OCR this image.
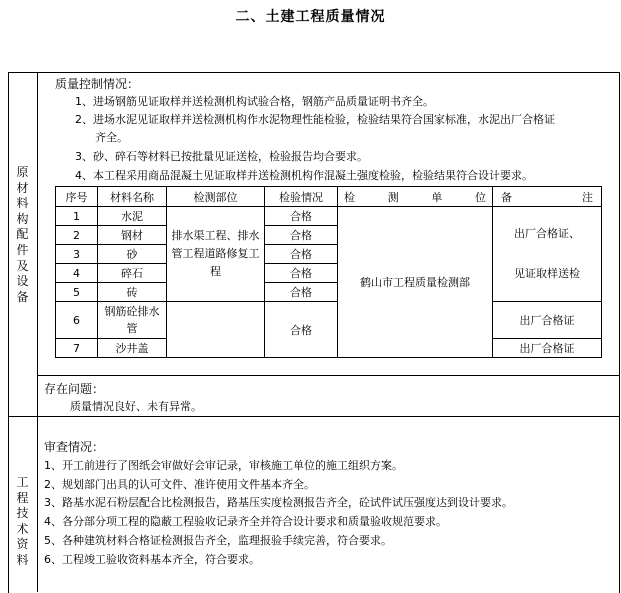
二、土建工程质量情况
原
材
料
构
配
件
及
设
备
质量控制情况：
1、进场钢筋见证取样并送检测机构试验合格，钢筋产品质量证明书齐全。
2、进场水泥见证取样并送检测机构作水泥物理性能检验，检验结果符合国家标准，水泥出厂合格证
齐全。
3、砂、碎石等材料已按批量见证送检，检验报告均合要求。
4、本工程采用商品混凝土见证取样并送检测机构作混凝土强度检验，检验结果符合设计要求。
序号	材料名称	检测部位	检验情况	检 测 单 位	备 注

1	水泥	排水渠工程、排水管工程道路修复工程	合格	鹤山市工程质量检测部	出厂合格证、
见证取样送检

2	钢材		合格		
3	砂		合格		
4	碎石		合格		
5	砖		合格		
6	钢筋砼排水管		合格		出厂合格证
7	沙井盖				出厂合格证
存在问题：
质量情况良好、未有异常。
工
程
技
术
资
料
审查情况：
1、开工前进行了图纸会审做好会审记录，审核施工单位的施工组织方案。
2、规划部门出具的认可文件、准许使用文件基本齐全。
3、路基水泥石粉层配合比检测报告，路基压实度检测报告齐全，砼试件试压强度达到设计要求。
4、各分部分项工程的隐蔽工程验收记录齐全并符合设计要求和质量验收规范要求。
5、各种建筑材料合格证检测报告齐全，监理报验手续完善，符合要求。
6、工程竣工验收资料基本齐全，符合要求。
